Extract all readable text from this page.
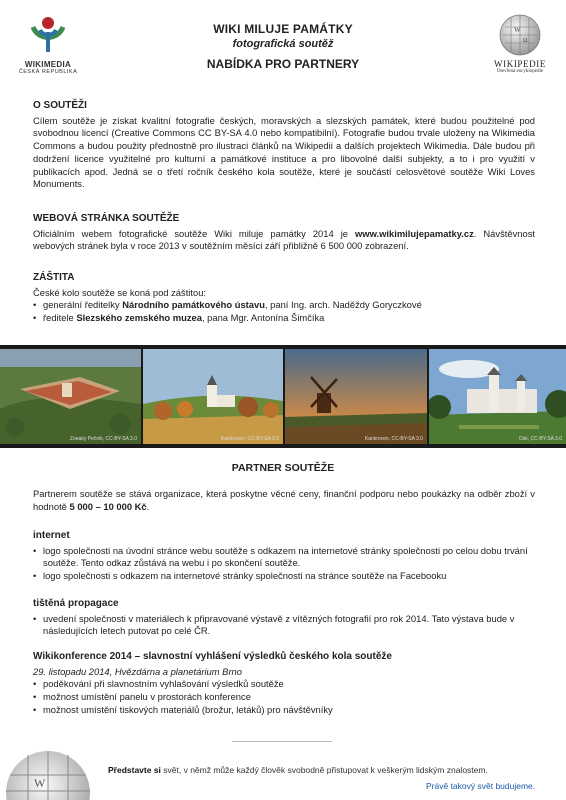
WIKIMEDIA
ČESKÁ REPUBLIKA
WIKI MILUJE PAMÁTKY
fotografická soutěž
NABÍDKA PRO PARTNERY
W
Ω
WIKIPEDIE
Otevřená encyklopedie
O SOUTĚŽI

Cílem soutěže je získat kvalitní fotografie českých, moravských a slezských památek, které budou použitelné pod svobodnou licencí (Creative Commons CC BY-SA 4.0 nebo kompatibilní). Fotografie budou trvale uloženy na Wikimedia Commons a budou použity přednostně pro ilustraci článků na Wikipedii a dalších projektech Wikimedia. Dále budou při dodržení licence využitelné pro kulturní a památkové instituce a pro libovolné další subjekty, a to i pro využití v publikacích apod. Jedná se o třetí ročník českého kola soutěže, které je součástí celosvětové soutěže Wiki Loves Monuments.

WEBOVÁ STRÁNKA SOUTĚŽE

Oficiálním webem fotografické soutěže Wiki miluje památky 2014 je www.wikimilujepamatky.cz. Návštěvnost webových stránek byla v roce 2013 v soutěžním měsíci září přibližně 6 500 000 zobrazení.

ZÁŠTITA
České kolo soutěže se koná pod záštitou:
• generální ředitelky Národního památkového ústavu, paní Ing. arch. Naděždy Goryczkové
• ředitele Slezského zemského muzea, pana Mgr. Antonína Šimčíka
Zoeaky Pečnik, CC-BY-SA 3.0	Kankroven, CC-BY-SA 3.0	Kankroven, CC-BY-SA 3.0	Osk, CC-BY-SA 3.0
PARTNER SOUTĚŽE

Partnerem soutěže se stává organizace, která poskytne věcné ceny, finanční podporu nebo poukázky na odběr zboží v hodnotě 5 000 – 10 000 Kč.

internet
• logo společnosti na úvodní stránce webu soutěže s odkazem na internetové stránky společnosti po celou dobu trvání soutěže. Tento odkaz zůstává na webu i po skončení soutěže.
• logo společnosti s odkazem na internetové stránky společnosti na stránce soutěže na Facebooku
tištěná propagace
• uvedení společnosti v materiálech k připravované výstavě z vítězných fotografií pro rok 2014. Tato výstava bude v následujících letech putovat po celé ČR.
Wikikonference 2014 – slavnostní vyhlášení výsledků českého kola soutěže
29. listopadu 2014, Hvězdárna a planetárium Brno
• poděkování při slavnostním vyhlašování výsledků soutěže
• možnost umístění panelu v prostorách konference
• možnost umístění tiskových materiálů (brožur, letáků) pro návštěvníky
W
Představte si svět, v němž může každý člověk svobodně přistupovat k veškerým lidským znalostem.
Právě takový svět budujeme.
